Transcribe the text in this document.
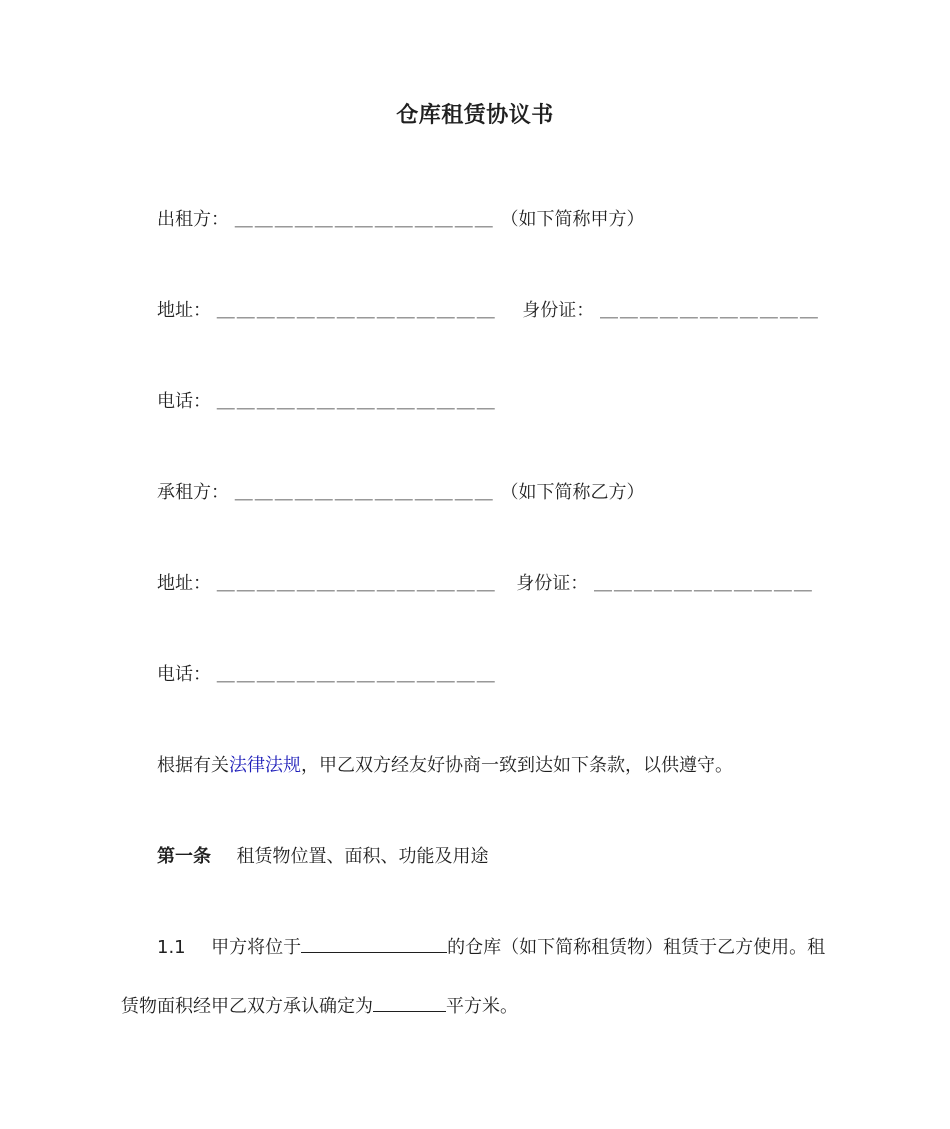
仓库租赁协议书
出租方： ＿＿＿＿＿＿＿＿＿＿＿＿＿ （如下简称甲方）
地址： ＿＿＿＿＿＿＿＿＿＿＿＿＿＿ 身份证： ＿＿＿＿＿＿＿＿＿＿＿
电话： ＿＿＿＿＿＿＿＿＿＿＿＿＿＿
承租方： ＿＿＿＿＿＿＿＿＿＿＿＿＿ （如下简称乙方）
地址： ＿＿＿＿＿＿＿＿＿＿＿＿＿＿ 身份证： ＿＿＿＿＿＿＿＿＿＿＿
电话： ＿＿＿＿＿＿＿＿＿＿＿＿＿＿
根据有关法律法规，甲乙双方经友好协商一致到达如下条款，以供遵守。
第一条 租赁物位置、面积、功能及用途
1.1 甲方将位于	的仓库（如下简称租赁物）租赁于乙方使用。租
赁物面积经甲乙双方承认确定为	平方米。
